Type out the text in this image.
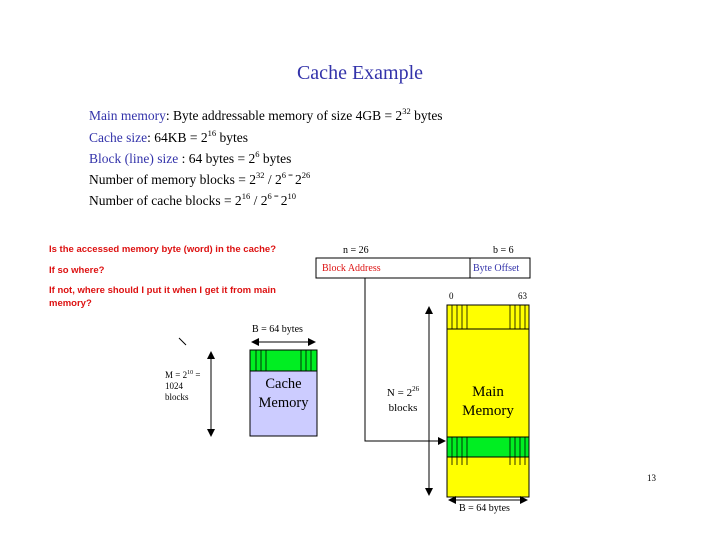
Cache Example
Main memory: Byte addressable memory of size $4GB = 2^{32}$ bytes
Cache size: $64KB = 2^{16}$ bytes
Block (line) size : 64 bytes = $2^6$ bytes
Number of memory blocks = $2^{32} / 2^{6 =}$ $2^{26}$
Number of cache blocks = $2^{16} / 2^{6 =}$ $2^{10}$
Is the accessed memory byte (word) in the cache?
If so where?
If not, where should I put it when I get it from main memory?
n = 26	b = 6
Block Address	Byte Offset
B = 64 bytes
$M = 2^{10}$ =
1024
blocks
Cache
Memory
0	63
$N = 2^{26}$
blocks
Main
Memory
B = 64 bytes
13
